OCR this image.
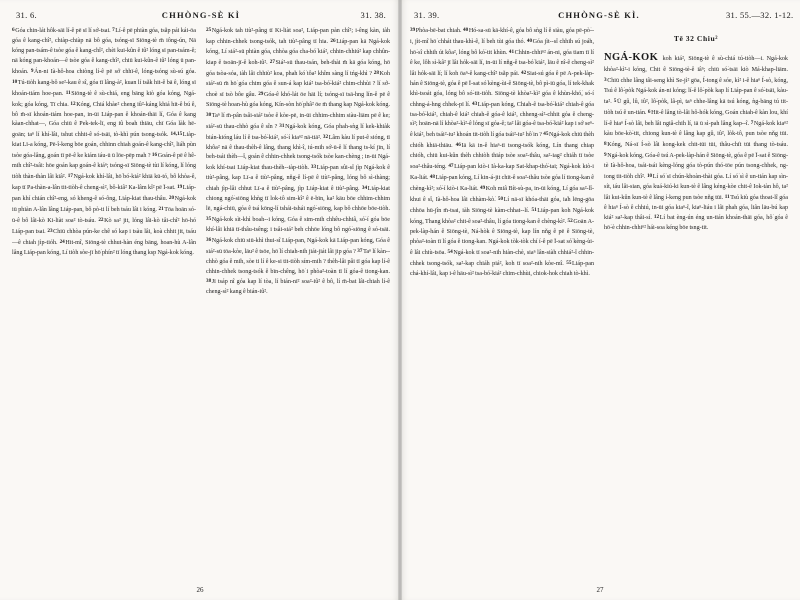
31. 6.	CHHÒNG-SÈ KÌ	31. 38.

6Góa chin-lát hôk-sāi lí-ê pē sī lí sớ-tsai. 7Lí-ê pē phiàn góa, tsăp pái kái-ōa góa ê kang-chî², chiàp-chiàp nā bô góa, tsóng-sī Siōng-tè m̄ iông-ún, Nā kóng pan-tsám-ê tsòe góa ê kang-chî², chèi kui-kûn ê iû² lóng sī pan-tsám-ê; nā kóng pan-khoán—ê tsòe góa ê kang-chî², chiū kui-kûn-ê iû² lóng ū pan-khoán. 9Án-ni Ià-hô-hoa chiòng lí-ê pē sớ chhī-ê, lóng-tsóng sù-sú góa. 10Tú-tiòh kang-bô se²-kau ê sî, góa tī lâng-à², kuan lí tsăk hit-ê bā ê, lóng sī khoán-tiám hoe-pan. 11Siōng-tè ê sù-chiá, eng bāng kiò góa kóng, Ngá-kok; góa kóng, Tī chia. 12Kóng, Chiá khàe² cheng iû²-káng khiá hit-ê bú ê, bô m̄-sī khoán-tiám hoe-pan, in-ūi Liáp-pan ê khoán-thāi lí, Góa ê kang kàan-chhat—, Góa chiū ê Pek-tek-lī, eng iû boah thiāu, chī Góa làk hē-goān; taⁿ lí khí-lâi, tshut chhit-ê só-tsāi, tò-khì pún tsong-tsók. 14,15Liàp-kiat Lī-a kóng, Pē-î-keng bōe goán, chhinn chiah goán-ê kang-chî², liáh pùn tsòe góa-lâng, goán tī pē-ê ke kiám iáu-ū ū lōe-pēp mah ? 16Goán-ê pē ê hê-mih chî²-tsâi: hōe goán kap goán-ê kiáⁿ; tsóng-sī Siōng-tè tùi lí kóng, lí lóng tiòh thàn-thàn lâi kiâ². 17Ngá-kok khí-lâi, hō͘ bó-kiá² khiā kū-tó, bô khòa-ê, kap tī Pa-thàn-a-lân tit-tiòh-ê cheng-sì², bô-kiâ² Ka-lâm kî² pē Ī-sat. 19Liáp-pan khí chián chî²-eng, só kheng-ê só-ông, Liáp-kiat thau-thâu. 20Ngá-kok iū phiàn A-lân lâng Liáp-pan, bô pò-ti lí beh tsáu lâi i kóng. 21Tōa hoān só-ū-ê bô lâi-kò Ki-liàt soa² tò-tsáu. 22Kò sa² jit, lóng lâi-kò tâi-chî² hō-hó͘ Liáp-pan tsai. 23Chiū chhòa pún-ke chê só kap i tsàu lâi, koà chhit jit, tsáu—ê chiah jìp-tióh. 24Hit-mî, Siōng-tè chhut-hàn éng bāng, hoan-hù A-lân lâng Liáp-pan kóng, Lí tiòh sòe-jī hō͘ phín² tī lóng thang ksp Ngá-kok kóng.

25Ngá-kok tah tiù²-pâng tī Ki-liàt soa², Liáp-pan pàn chî²; i-êng kàn, iàh kap chhin-chhek tsong-tsók, tah tiù²-pâng tī hia. 26Liáp-pan kā Ngá-kok kóng, Lí siá²-sū phiàn góa, chhòa góa cha-bó͘ kiá², chhin-chhiú² kap chhûn-kiap ê tsoān-jī-ê koh-iû². 27Siá²-sū thau-tsán, beh-thài m̄ kā góa kóng, hō͘ góa tsòa-sóa, iàh lâi chhiù² koa, phah kó͘ tôa² khîm sàng lí tńg-khì ? 28Koh siá²-sū m̄ hō͘ góa chim góa ê sun-á kap kiá² tsa-bó͘-kiá² chim-chhùi ? lí sớ-choè sī tsò bôe gâu. 29Góa-ê khó-lát ōe hāi lí; tsóng-sī tsā-hng lín-ê pē ê Siōng-tè hoan-hù góa kóng, Kín-sòn hō͘ phâ² ōe m̄ thang kap Ngá-kok kóng. 30Taⁿ lí m̄-pân tsâi-siá² tsòe ê kòe-pē, in-ūi chhim-chhim siàu-liām pē ê ke; siá²-sū thau-chhò góa ê sîn ? 31Ngá-kok kóng, Góa phah-sǹg lí kek-khiàk bián-kióng láu lí ê tsa-bó͘-kiá², só͘-í kiaⁿ² nā-tiā². 32Lâm kàu lí put-ê sióng, tī khôa² nā ê thau-thèh-ê lâng, thang khì-î, iú-mih sớ-ū-ê lí thang ts-kí jīn, lí beh-tsái thèh—î, goán ê chhin-chhek tsong-tsók tsòe kan-chèng ; in-ūi Ngá-kok khí-tsai Liáp-kiat thau-thèh--iàp-tiòh. 33Liáp-pan sûi-sî jìp Ngá-kok ê tiù²-pâng, kap Lī-a ê tiù²-pâng, nňg-ê lí-pē ê tiù²-pâng, lóng bô sì-thàng; chiah jìp-lâi chhut Lī-a ê tiù²-pâng, jìp Liáp-kiat ê tiù²-pâng. 34Liáp-kiat chiong ngó͘-siōng khǹg tī lok-tô sim-kî² ê ē-bīn, ka² kāu bōe chhim-chhim lē, ngá-chiū, góa ê tsá kōng-lí tshái-tshái ngó͘-siōng, kap bô chhōe bōe-tiòh. 35Ngá-kok sìt-khì boah--i kóng, Góa ê sim-mih chhêu-chhiâ, só͘-í góa bōe khí-lâi khiā tī-thâu-tsêng; i tsâi-siá² beh chhōe lóng bô ngó͘-siōng ê só-tsāi. 36Ngá-kok chiū siū-khì thui-sî Liáp-pan, Ngá-kok kā Liáp-pan kóng, Góa ê siá²-sū tōa-kòe, lāu² ê tsōe, hō͘ lí chiah-nih jiát-jiát lâi jip góa ? 37Taⁿ lí kàn--chhò góa ê mih, sòe ti lí ê ke-si tit-tiòh sím-mih ? thèh-lâi pâi tī góa kap lí-ê chhin-chhek tsong-tsók ê bīn-chêng, hō͘ i phòa²-toàn tī lí góa-ê tiong-kan. 38Jī tsáp nî góa kap lí tòa, lí bián-nī² soa²-iû² ê bô, lí m̄-bat lâi-chiah lí-ê cheng-sì² kang ê bián-iû².

26
31. 39.	CHHÒNG-SÈ KÌ.	31. 55.—32. 1-12.

39Phòa-bē-bat chiah. 40Hó-sa-sū kā-khí-ê, góa bô sǹg lí ê siàu, góa pē-pò͘--i, jìt-mî hō͘ chhát thau-khì-ê, lí beh tùi góa thó. 40Góa jìt--sî chhih sú joáh, hō͘-sî chhih út kôa², lóng bô kó͘-tit khùn. 41Chhin-chhiⁿ² án-ni, góa tiam tī lí ê ke, lôh sì-kâ² jī lâi hók-sāi lí, in-ūi lí nňg-ê tsa-bó͘ kiá², lāu ê nî-ê cheng-sì² lâi hók-sāi lí; lí koh ōaⁿ-ê kang-chî² tsăp pái. 42Siat-sú góa ê pē A-pek-làp-hán ê Siōng-tè, góa ê pē Ī-sat só͘ kèng-ùi-ê Siōng-tè, bô pì-iū góa, lí tek-khak khì-tsoát góa, lóng bô só͘-tit-tiòh. Siōng-tè khòa²-kì² góa ê khùn-khó͘, só-í chhng-á-hng chhek-pī lí. 43Liáp-pan kóng, Chiah-ê tsa-bó͘-kiá² chiah-ê góa tsa-bó͘-kiá², chiah-ê kiá² chiah-ê góa-ê kiá², chheng-sì²-chhit góa ê cheng-sì²; hoān-nā lí khòa²-kì²-ê lóng sī góa-ê; ta² lâi góa-ê tsa-bó͘-kiá² kap i sớ seⁿ-ê kiá², beh tsái²-iu² khoán tit-tiòh lí góa tsái²-iu² hô͘ in ? 45Ngá-kok chiū thèh chióh khiā-thiāu. 46Iā kā in-ê hiaⁿ-tī tsong-tsók kóng, Lín thang chiap chióh, chiū kui-kûn thèh chhiòh thiáp tsòe soa²-thâu, sa²-iag² chiáh tī tsòe soa²-thâu-téng. 47Liáp-pan kiò-i Ià-ka-kap Sat-khap-thó͘-tai; Ngá-kok kiò-i Ka-liát. 48Liáp-pan kóng, Lí kin-á-jit chit-ê soa²-thâu tsòe góa lí tiong-kan ê chèng-kì²; só͘-í kiò-i Ka-liát. 49Koh miâ Bít-sù-pa, in-ūi kóng, Lí góa sa²-lî-khui ê sî, Ià-hô-hoa lâi chhàm-kò͘. 50Lí nā-sī khóa-thāi góa, ia̍h lēng-gōa chhōa hū-jîn m̄-tsai, iàh Siōng-tè kàm-chhat--lí. 51Liáp-pan koh Ngá-kok kóng, Thang khòa² chit-ê soa²-thâu, lí góa tiong-kan ê chèng-kì². 52Goān A-pek-làp-hán ê Siōng-tè, Ná-hòk ê Siōng-tè, kap lín nňg ê pē ê Siōng-tè, phòa²-toàn tī lí góa ê tiong-kan. Ngá-kok tòk-tòk chí í-ê pē Ī-sat só͘ kèng-ùi-ê lâi chiù-tsōa. 54Ngá-kok tī soa²-nih hiàn-chè, siaⁿ lân-siàh chhiá²-î chhin-chhek tsong-tsók, sa²-kap chiáh piá², koh tī soa²-nih kòe-mî. 55Liáp-pan chá-khí-lâi, kap i-ê hāu-sì² tsa-bó͘-kiá² chim-chhùi, chiok-hok chiah tò-khì.

Tē 32 Chiu²

NGÁ-KOK koh kiá², Siōng-tè ê sù-chiá tú-tiòh—i. Ngá-kok khòa²-kì²-i kóng, Chit ê Siōng-tè-ê iâⁿ; chiū só͘-tsāi kiò Má-khap-liām. 3Chiū chhe lâng tâi-seng khì Se-jì² gōa, Í-tong ê sóe, kì² i-ê hiaⁿ Í-sò, kóng, Tsú ê lô͘-pòk Ngá-kok án-ni kóng; lí-ê lô͘-pòk kap lí Liáp-pan ê só͘-tsāi, kàu-ta². 5Ū gû, lû, iû², lô͘-pòk, lâ-pì, taⁿ chhe-lâng kā tsú kóng, ǹg-bāng tú tit-tiòh tsú ê un-tián. 6Hit-ê lâng tò-lâi hô-hók kóng, Goán chiah-ê kàn lou, khí lí-ê hiaⁿ Í-sò lâi, beh lâi ngiâ-chih lí, iā ū sì-pah lâng kap--î. 7Ngá-kok kiaⁿ² kàu bōe-kò͘-tit, chiong kun-tè ê lâng kap gû, iû², lòk-tô, pun tsòe nňg tūi. 8Kóng, Ná-sī Í-sò lâi kong-kek chit-tūi tūi, thâu-chi̍t tūi thang tò-tsáu. 9Ngá-kok kóng, Góa-ê tsú A-pek-làp-hán ê Siōng-tè, góa ê pē Ī-sat ê Siōng-tè Ià-hô-hoa, tsái-tsái kèng-lóng góa tò-pún thó-tōe pún tsong-chhek, ng-iong tit-tiòh chî². 10Lí só͘ sī chún-khoàn-thài góa. Lí só͘ sì ê un-tián kap sìn-sít, iáu lâi-sian, góa kuá-kiú-ki kun-tè ê lâng kéng-kòe chit-ê Iok-tàn hô, ta² lâi kui-kûn kun-tè ê lâng í-keng pun tsòe nňg tūi. 11Tsú kiù góa thoat-lî góa ê hiaⁿ Í-sò ê chhiú, in-ūi góa kiaⁿ-î, kiaⁿ-liáu i lâi phah góa, liân lāu-bú kap kiá² sa²-kap thâi-sí. 12Lí bat èng-ún éng un-tián khoán-thāi góa, hô͘ góa ê hō͘-è chhin-chhiⁿ² hái-soa kéng bōe tsng-tit.

27
